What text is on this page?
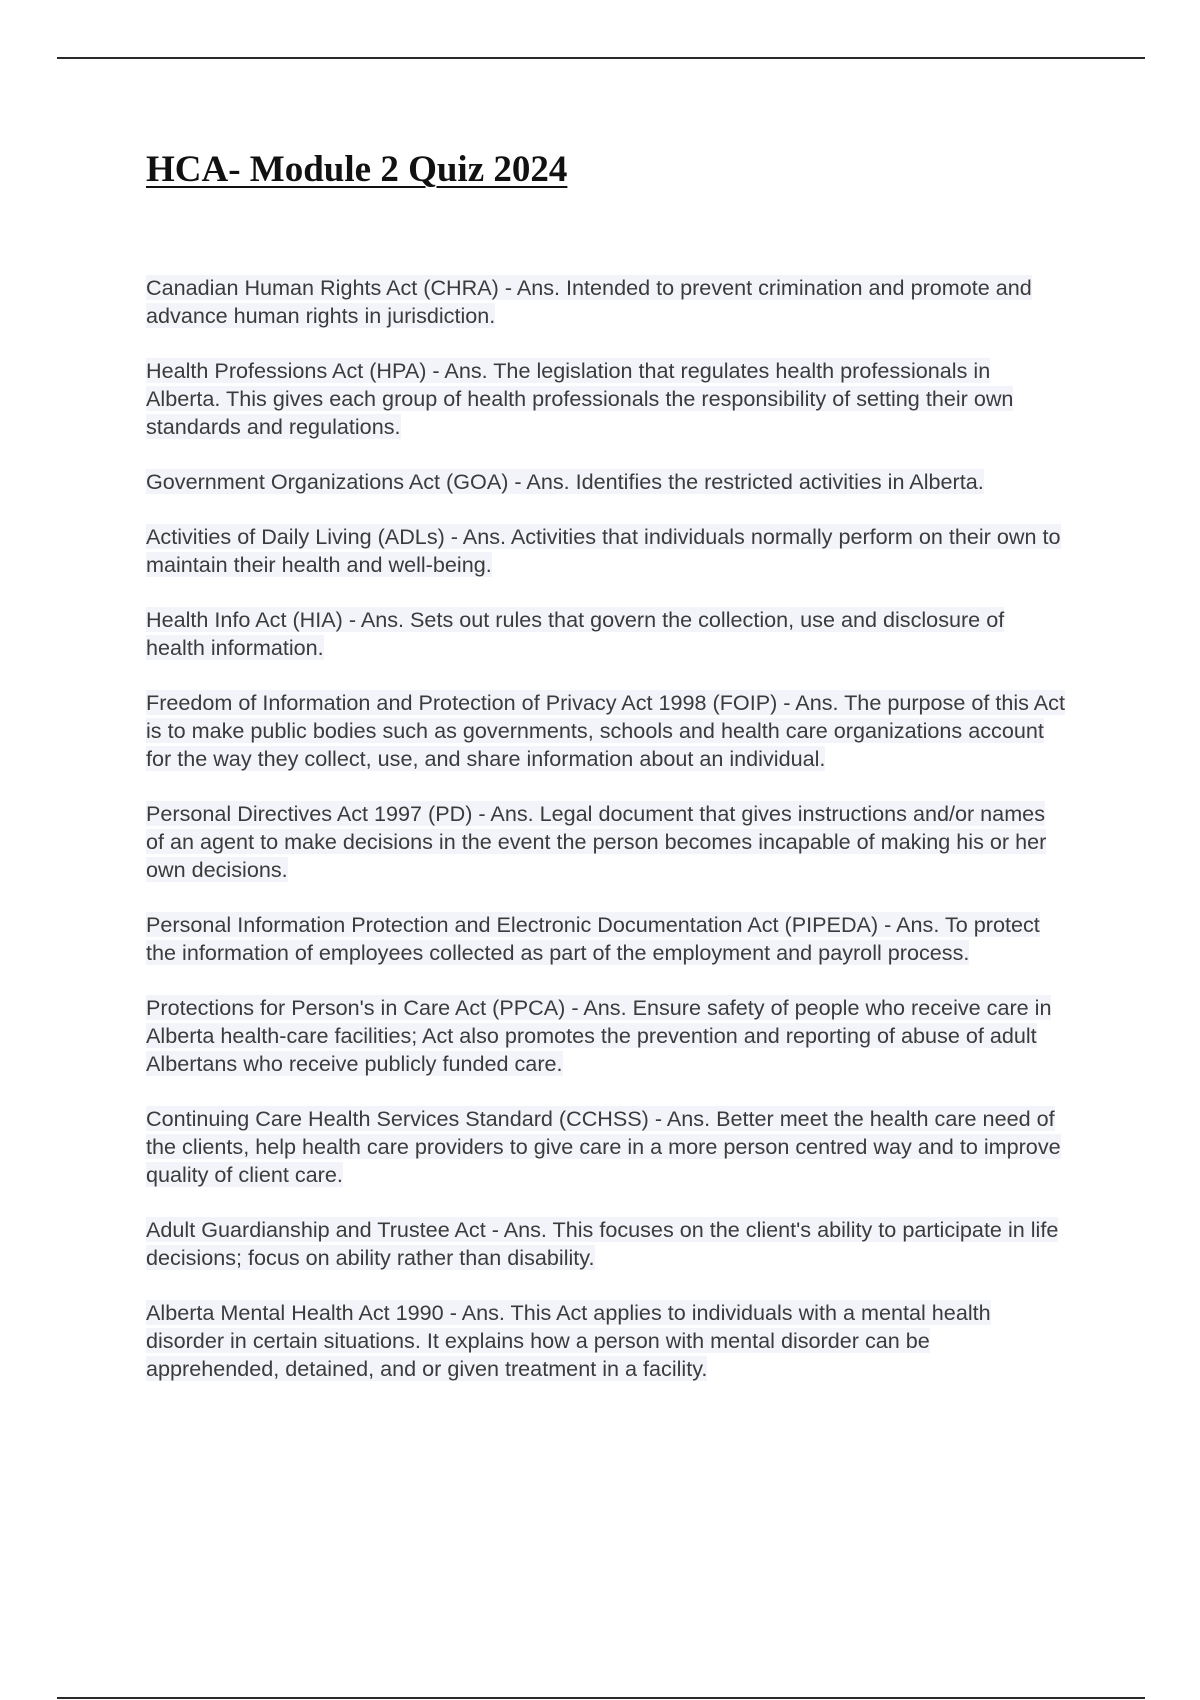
HCA- Module 2 Quiz 2024
Canadian Human Rights Act (CHRA) - Ans. Intended to prevent crimination and promote and advance human rights in jurisdiction.
Health Professions Act (HPA) - Ans. The legislation that regulates health professionals in Alberta. This gives each group of health professionals the responsibility of setting their own standards and regulations.
Government Organizations Act (GOA) - Ans. Identifies the restricted activities in Alberta.
Activities of Daily Living (ADLs) - Ans. Activities that individuals normally perform on their own to maintain their health and well-being.
Health Info Act (HIA) - Ans. Sets out rules that govern the collection, use and disclosure of health information.
Freedom of Information and Protection of Privacy Act 1998 (FOIP) - Ans. The purpose of this Act is to make public bodies such as governments, schools and health care organizations account for the way they collect, use, and share information about an individual.
Personal Directives Act 1997 (PD) - Ans. Legal document that gives instructions and/or names of an agent to make decisions in the event the person becomes incapable of making his or her own decisions.
Personal Information Protection and Electronic Documentation Act (PIPEDA) - Ans. To protect the information of employees collected as part of the employment and payroll process.
Protections for Person's in Care Act (PPCA) - Ans. Ensure safety of people who receive care in Alberta health-care facilities; Act also promotes the prevention and reporting of abuse of adult Albertans who receive publicly funded care.
Continuing Care Health Services Standard (CCHSS) - Ans. Better meet the health care need of the clients, help health care providers to give care in a more person centred way and to improve quality of client care.
Adult Guardianship and Trustee Act - Ans. This focuses on the client's ability to participate in life decisions; focus on ability rather than disability.
Alberta Mental Health Act 1990 - Ans. This Act applies to individuals with a mental health disorder in certain situations. It explains how a person with mental disorder can be apprehended, detained, and or given treatment in a facility.
